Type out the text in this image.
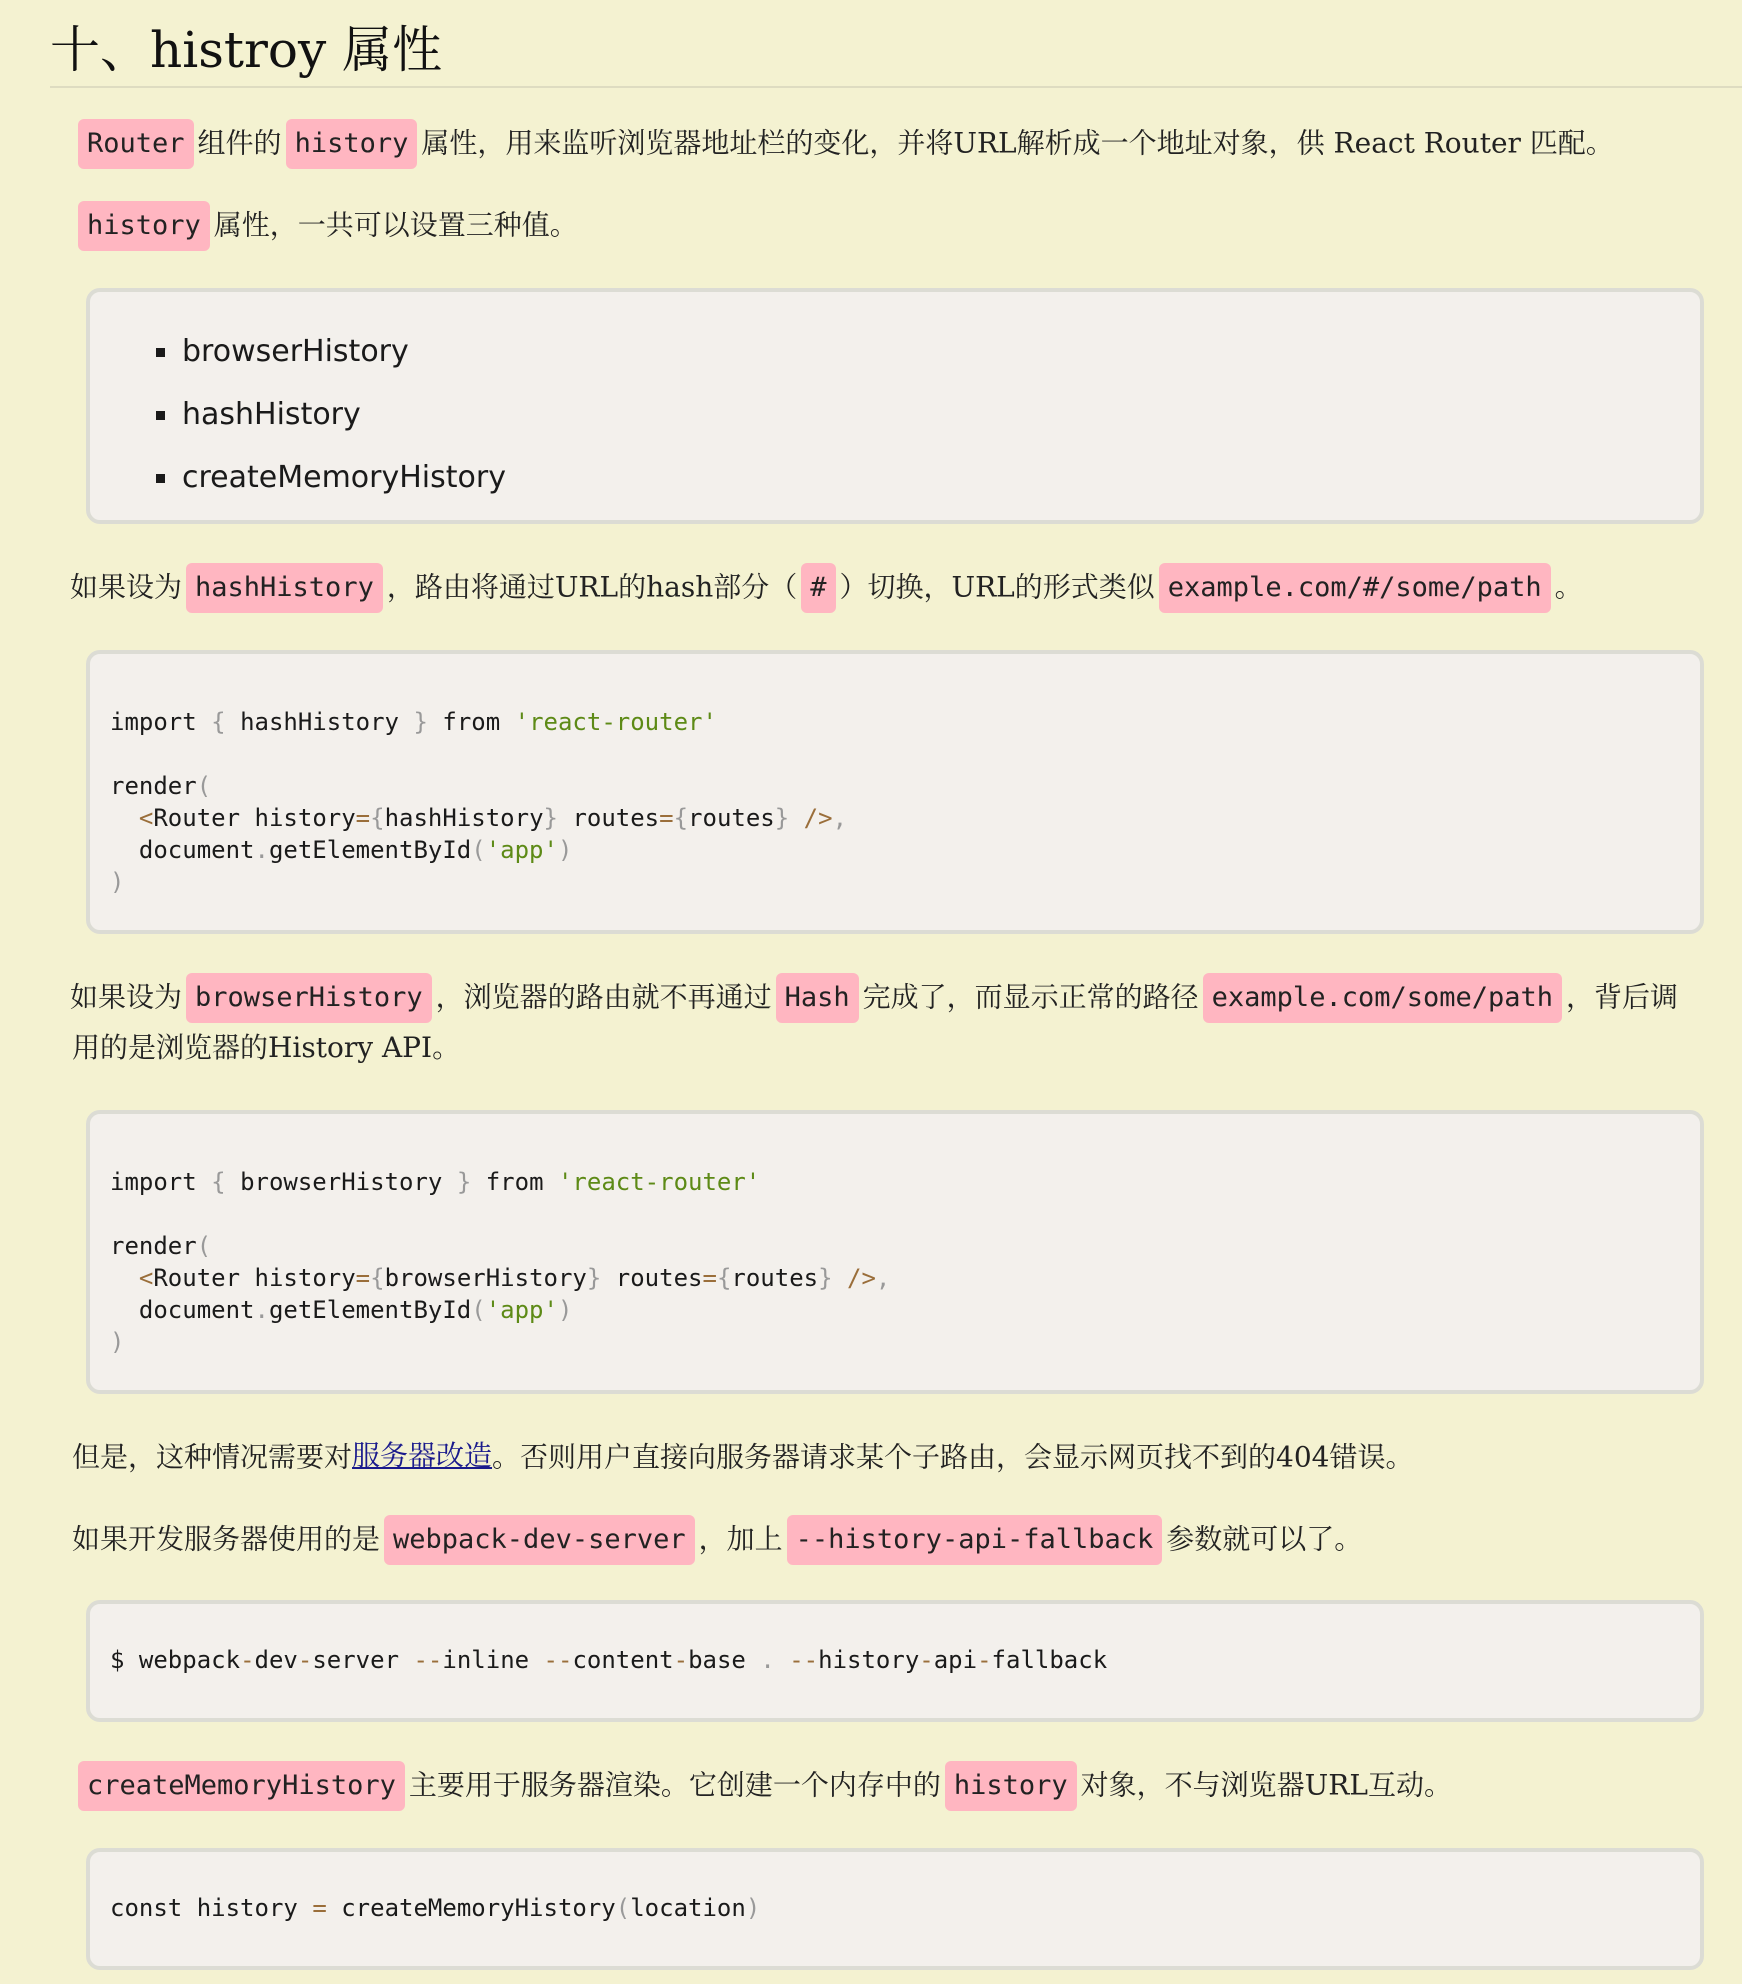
十、histroy 属性
Router 组件的 history 属性，用来监听浏览器地址栏的变化，并将URL解析成一个地址对象，供 React Router 匹配。
history 属性，一共可以设置三种值。
browserHistory
hashHistory
createMemoryHistory
如果设为 hashHistory ，路由将通过URL的hash部分（ # ）切换，URL的形式类似 example.com/#/some/path 。
import { hashHistory } from 'react-router'

render(
<Router history={hashHistory} routes={routes} />,
document.getElementById('app')
)
如果设为 browserHistory ，浏览器的路由就不再通过 Hash 完成了，而显示正常的路径 example.com/some/path ，背后调
用的是浏览器的History API。
import { browserHistory } from 'react-router'

render(
<Router history={browserHistory} routes={routes} />,
document.getElementById('app')
)
但是，这种情况需要对服务器改造。否则用户直接向服务器请求某个子路由，会显示网页找不到的404错误。
如果开发服务器使用的是 webpack-dev-server ，加上 --history-api-fallback 参数就可以了。
$ webpack-dev-server --inline --content-base . --history-api-fallback
createMemoryHistory 主要用于服务器渲染。它创建一个内存中的 history 对象，不与浏览器URL互动。
const history = createMemoryHistory(location)
